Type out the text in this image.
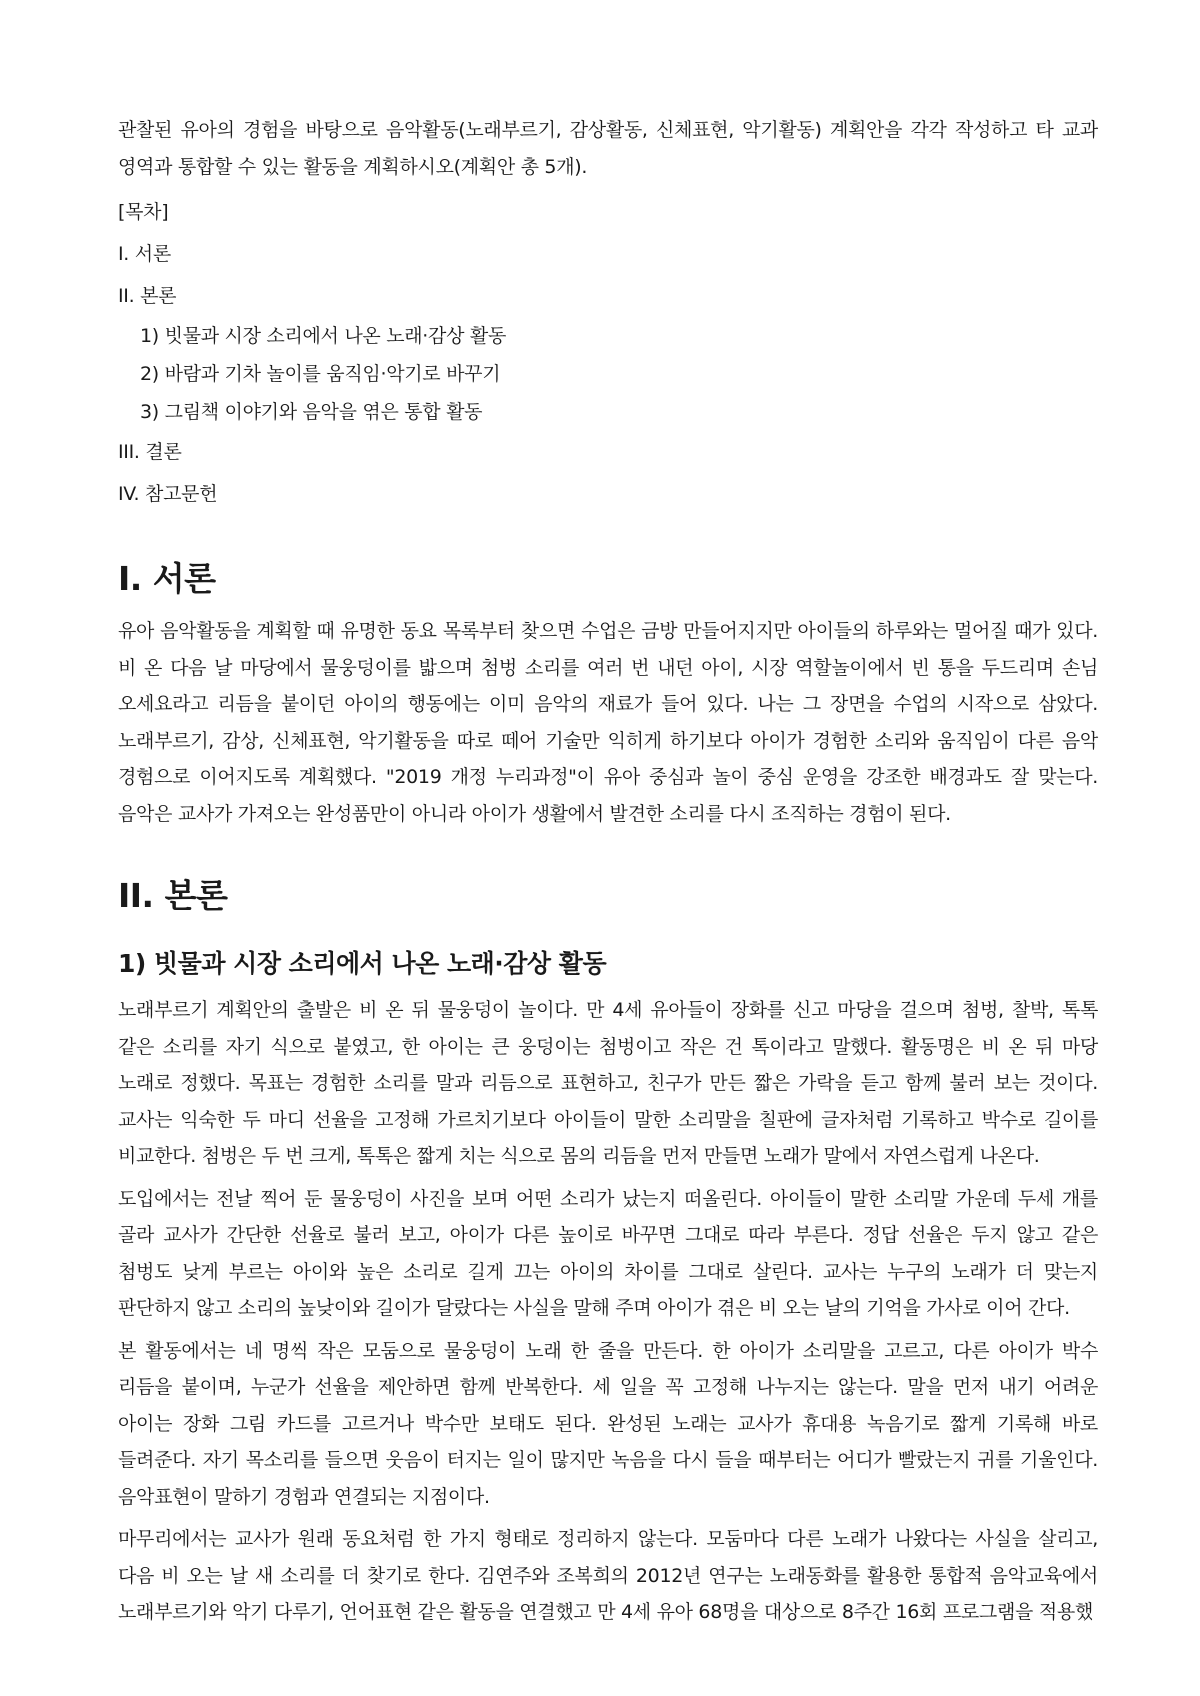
관찰된 유아의 경험을 바탕으로 음악활동(노래부르기, 감상활동, 신체표현, 악기활동) 계획안을 각각 작성하고 타 교과 영역과 통합할 수 있는 활동을 계획하시오(계획안 총 5개).

[목차]

I. 서론

II. 본론

1) 빗물과 시장 소리에서 나온 노래·감상 활동

2) 바람과 기차 놀이를 움직임·악기로 바꾸기

3) 그림책 이야기와 음악을 엮은 통합 활동

III. 결론

IV. 참고문헌

I. 서론

유아 음악활동을 계획할 때 유명한 동요 목록부터 찾으면 수업은 금방 만들어지지만 아이들의 하루와는 멀어질 때가 있다. 비 온 다음 날 마당에서 물웅덩이를 밟으며 첨벙 소리를 여러 번 내던 아이, 시장 역할놀이에서 빈 통을 두드리며 손님 오세요라고 리듬을 붙이던 아이의 행동에는 이미 음악의 재료가 들어 있다. 나는 그 장면을 수업의 시작으로 삼았다. 노래부르기, 감상, 신체표현, 악기활동을 따로 떼어 기술만 익히게 하기보다 아이가 경험한 소리와 움직임이 다른 음악 경험으로 이어지도록 계획했다. "2019 개정 누리과정"이 유아 중심과 놀이 중심 운영을 강조한 배경과도 잘 맞는다. 음악은 교사가 가져오는 완성품만이 아니라 아이가 생활에서 발견한 소리를 다시 조직하는 경험이 된다.

II. 본론
1) 빗물과 시장 소리에서 나온 노래·감상 활동

노래부르기 계획안의 출발은 비 온 뒤 물웅덩이 놀이다. 만 4세 유아들이 장화를 신고 마당을 걸으며 첨벙, 찰박, 톡톡 같은 소리를 자기 식으로 붙였고, 한 아이는 큰 웅덩이는 첨벙이고 작은 건 톡이라고 말했다. 활동명은 비 온 뒤 마당 노래로 정했다. 목표는 경험한 소리를 말과 리듬으로 표현하고, 친구가 만든 짧은 가락을 듣고 함께 불러 보는 것이다. 교사는 익숙한 두 마디 선율을 고정해 가르치기보다 아이들이 말한 소리말을 칠판에 글자처럼 기록하고 박수로 길이를 비교한다. 첨벙은 두 번 크게, 톡톡은 짧게 치는 식으로 몸의 리듬을 먼저 만들면 노래가 말에서 자연스럽게 나온다.

도입에서는 전날 찍어 둔 물웅덩이 사진을 보며 어떤 소리가 났는지 떠올린다. 아이들이 말한 소리말 가운데 두세 개를 골라 교사가 간단한 선율로 불러 보고, 아이가 다른 높이로 바꾸면 그대로 따라 부른다. 정답 선율은 두지 않고 같은 첨벙도 낮게 부르는 아이와 높은 소리로 길게 끄는 아이의 차이를 그대로 살린다. 교사는 누구의 노래가 더 맞는지 판단하지 않고 소리의 높낮이와 길이가 달랐다는 사실을 말해 주며 아이가 겪은 비 오는 날의 기억을 가사로 이어 간다.

본 활동에서는 네 명씩 작은 모둠으로 물웅덩이 노래 한 줄을 만든다. 한 아이가 소리말을 고르고, 다른 아이가 박수 리듬을 붙이며, 누군가 선율을 제안하면 함께 반복한다. 세 일을 꼭 고정해 나누지는 않는다. 말을 먼저 내기 어려운 아이는 장화 그림 카드를 고르거나 박수만 보태도 된다. 완성된 노래는 교사가 휴대용 녹음기로 짧게 기록해 바로 들려준다. 자기 목소리를 들으면 웃음이 터지는 일이 많지만 녹음을 다시 들을 때부터는 어디가 빨랐는지 귀를 기울인다. 음악표현이 말하기 경험과 연결되는 지점이다.

마무리에서는 교사가 원래 동요처럼 한 가지 형태로 정리하지 않는다. 모둠마다 다른 노래가 나왔다는 사실을 살리고, 다음 비 오는 날 새 소리를 더 찾기로 한다. 김연주와 조복희의 2012년 연구는 노래동화를 활용한 통합적 음악교육에서 노래부르기와 악기 다루기, 언어표현 같은 활동을 연결했고 만 4세 유아 68명을 대상으로 8주간 16회 프로그램을 적용했
